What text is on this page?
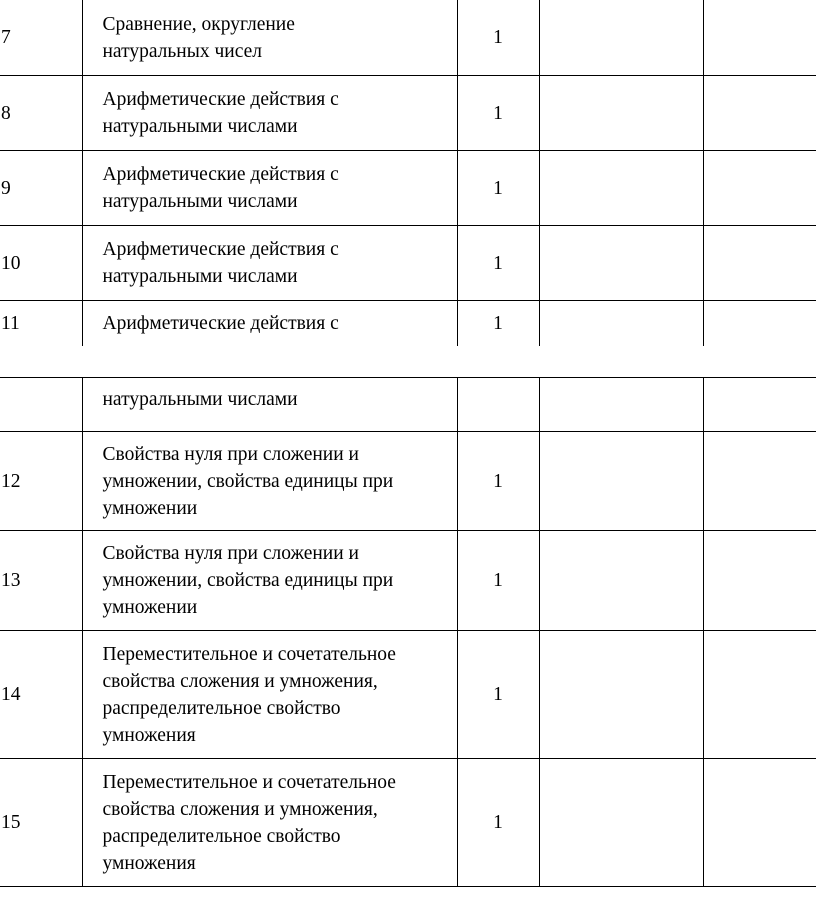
7	Сравнение, округление
натуральных чисел	1		
8	Арифметические действия с
натуральными числами	1		
9	Арифметические действия с
натуральными числами	1		
10	Арифметические действия с
натуральными числами	1		
11	Арифметические действия с	1		

	натуральными числами			

12	Свойства нуля при сложении и
умножении, свойства единицы при
умножении	1		
13	Свойства нуля при сложении и
умножении, свойства единицы при
умножении	1		
14	Переместительное и сочетательное
свойства сложения и умножения,
распределительное свойство
умножения	1		
15	Переместительное и сочетательное
свойства сложения и умножения,
распределительное свойство
умножения	1		
